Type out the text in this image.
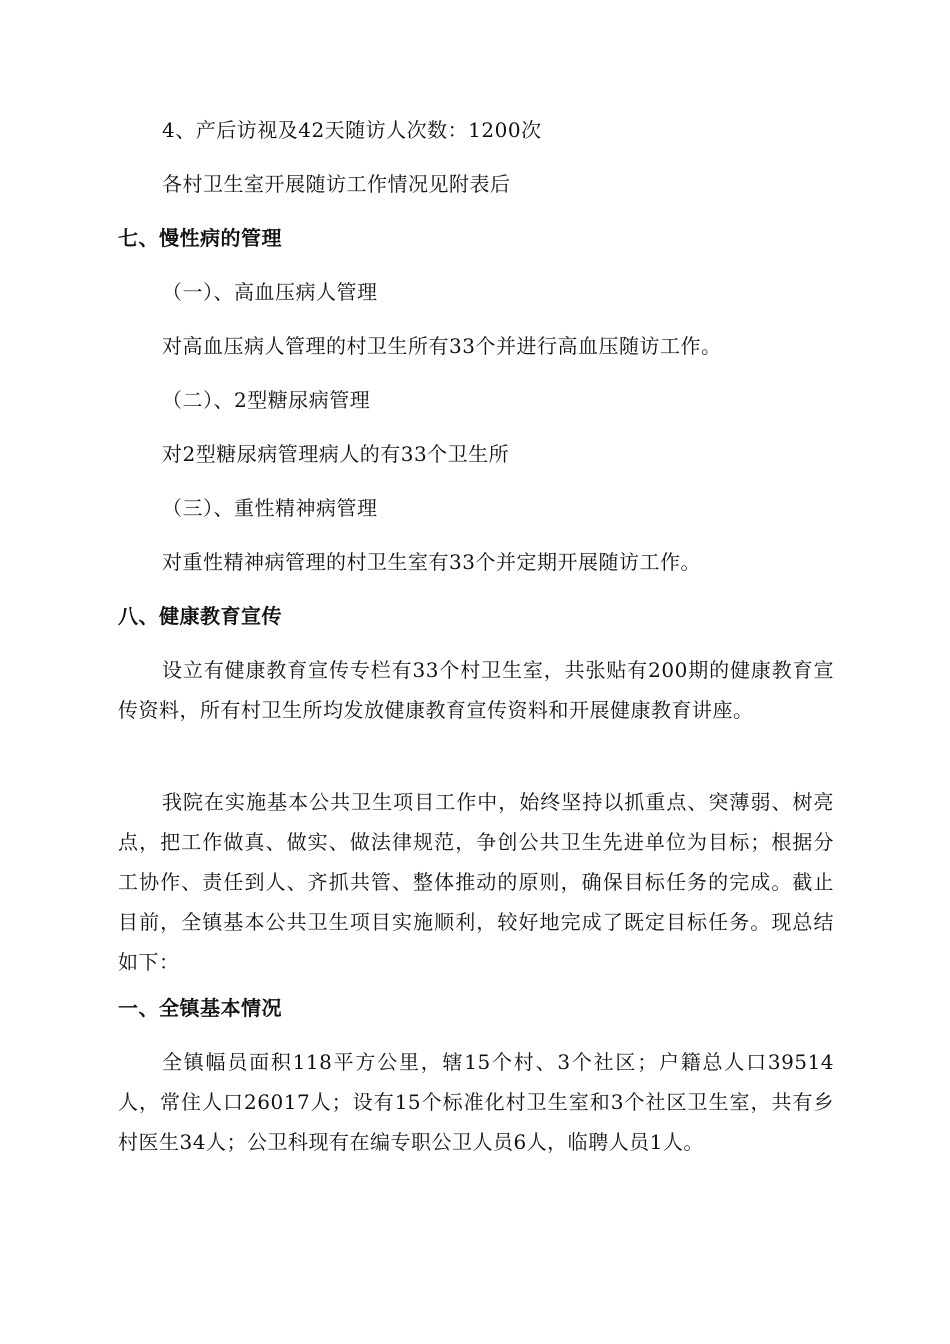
4、产后访视及42天随访人次数：1200次
各村卫生室开展随访工作情况见附表后
七、慢性病的管理
（一）、高血压病人管理
对高血压病人管理的村卫生所有33个并进行高血压随访工作。
（二）、2型糖尿病管理
对2型糖尿病管理病人的有33个卫生所
（三）、重性精神病管理
对重性精神病管理的村卫生室有33个并定期开展随访工作。
八、健康教育宣传
设立有健康教育宣传专栏有33个村卫生室，共张贴有200期的健康教育宣传资料，所有村卫生所均发放健康教育宣传资料和开展健康教育讲座。
我院在实施基本公共卫生项目工作中，始终坚持以抓重点、突薄弱、树亮点，把工作做真、做实、做法律规范，争创公共卫生先进单位为目标；根据分工协作、责任到人、齐抓共管、整体推动的原则，确保目标任务的完成。截止目前，全镇基本公共卫生项目实施顺利，较好地完成了既定目标任务。现总结如下：
一、全镇基本情况
全镇幅员面积118平方公里，辖15个村、3个社区；户籍总人口39514人，常住人口26017人；设有15个标准化村卫生室和3个社区卫生室，共有乡村医生34人；公卫科现有在编专职公卫人员6人，临聘人员1人。
